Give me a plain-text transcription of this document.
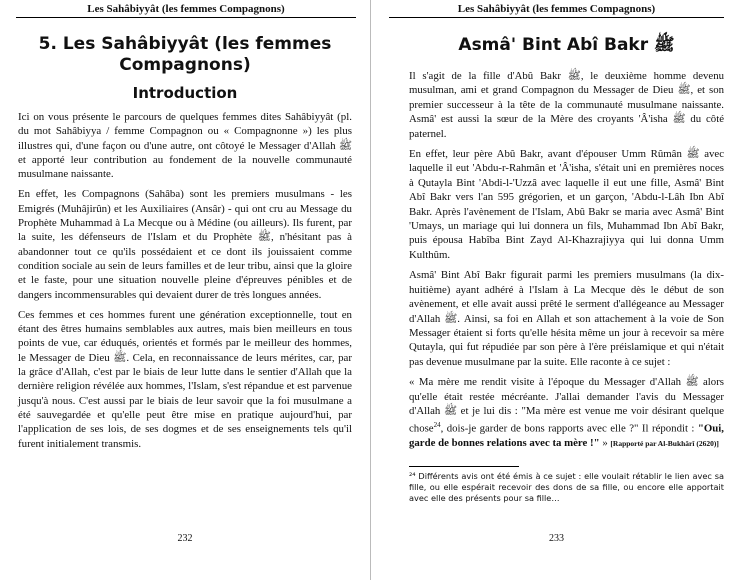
Les Sahâbiyyât (les femmes Compagnons)
5. Les Sahâbiyyât (les femmes Compagnons)
Introduction

Ici on vous présente le parcours de quelques femmes dites Sahâbiyyât (pl. du mot Sahâbiyya / femme Compagnon ou « Compagnonne ») les plus illustres qui, d'une façon ou d'une autre, ont côtoyé le Messager d'Allah ﷺ et apporté leur contribution au fondement de la nouvelle communauté musulmane naissante.

En effet, les Compagnons (Sahâba) sont les premiers musulmans - les Emigrés (Muhâjirûn) et les Auxiliaires (Ansâr) - qui ont cru au Message du Prophète Muhammad à La Mecque ou à Médine (ou ailleurs). Ils furent, par la suite, les défenseurs de l'Islam et du Prophète ﷺ, n'hésitant pas à abandonner tout ce qu'ils possédaient et ce dont ils jouissaient comme condition sociale au sein de leurs familles et de leur tribu, ainsi que la gloire et le faste, pour une situation nouvelle pleine d'épreuves pénibles et de dangers incommensurables qui devaient durer de très longues années.

Ces femmes et ces hommes furent une génération exceptionnelle, tout en étant des êtres humains semblables aux autres, mais bien meilleurs en tous points de vue, car éduqués, orientés et formés par le meilleur des hommes, le Messager de Dieu ﷺ. Cela, en reconnaissance de leurs mérites, car, par la grâce d'Allah, c'est par le biais de leur lutte dans le sentier d'Allah que la dernière religion révélée aux hommes, l'Islam, s'est répandue et est parvenue jusqu'à nous. C'est aussi par le biais de leur savoir que la foi musulmane a été sauvegardée et qu'elle peut être mise en pratique aujourd'hui, par l'application de ses lois, de ses dogmes et de ses enseignements tels qu'il furent initialement transmis.

232
Les Sahâbiyyât (les femmes Compagnons)
Asmâ' Bint Abî Bakr ﷺ

Il s'agit de la fille d'Abû Bakr ﷺ, le deuxième homme devenu musulman, ami et grand Compagnon du Messager de Dieu ﷺ, et son premier successeur à la tête de la communauté musulmane naissante. Asmâ' est aussi la sœur de la Mère des croyants 'Â'isha ﷺ du côté paternel.

En effet, leur père Abû Bakr, avant d'épouser Umm Rûmân ﷺ avec laquelle il eut 'Abdu-r-Rahmân et 'Â'isha, s'était uni en premières noces à Qutayla Bint 'Abdi-l-'Uzzâ avec laquelle il eut une fille, Asmâ' Bint Abî Bakr vers l'an 595 grégorien, et un garçon, 'Abdu-l-Lâh Ibn Abî Bakr. Après l'avènement de l'Islam, Abû Bakr se maria avec Asmâ' Bint 'Umays, un mariage qui lui donnera un fils, Muhammad Ibn Abî Bakr, puis épousa Habîba Bint Zayd Al-Khazrajiyya qui lui donna Umm Kulthûm.

Asmâ' Bint Abî Bakr figurait parmi les premiers musulmans (la dix-huitième) ayant adhéré à l'Islam à La Mecque dès le début de son avènement, et elle avait aussi prêté le serment d'allégeance au Messager d'Allah ﷺ. Ainsi, sa foi en Allah et son attachement à la voie de Son Messager étaient si forts qu'elle hésita même un jour à recevoir sa mère Qutayla, qui fut répudiée par son père à l'ère préislamique et qui n'était pas devenue musulmane par la suite. Elle raconte à ce sujet :

« Ma mère me rendit visite à l'époque du Messager d'Allah ﷺ alors qu'elle était restée mécréante. J'allai demander l'avis du Messager d'Allah ﷺ et je lui dis : "Ma mère est venue me voir désirant quelque chose$^{24}$, dois-je garder de bons rapports avec elle ?" Il répondit : "Oui, garde de bonnes relations avec ta mère !" » [Rapporté par Al-Bukhârî (2620)]

²⁴ Différents avis ont été émis à ce sujet : elle voulait rétablir le lien avec sa fille, ou elle espérait recevoir des dons de sa fille, ou encore elle apportait avec elle des présents pour sa fille…
233
